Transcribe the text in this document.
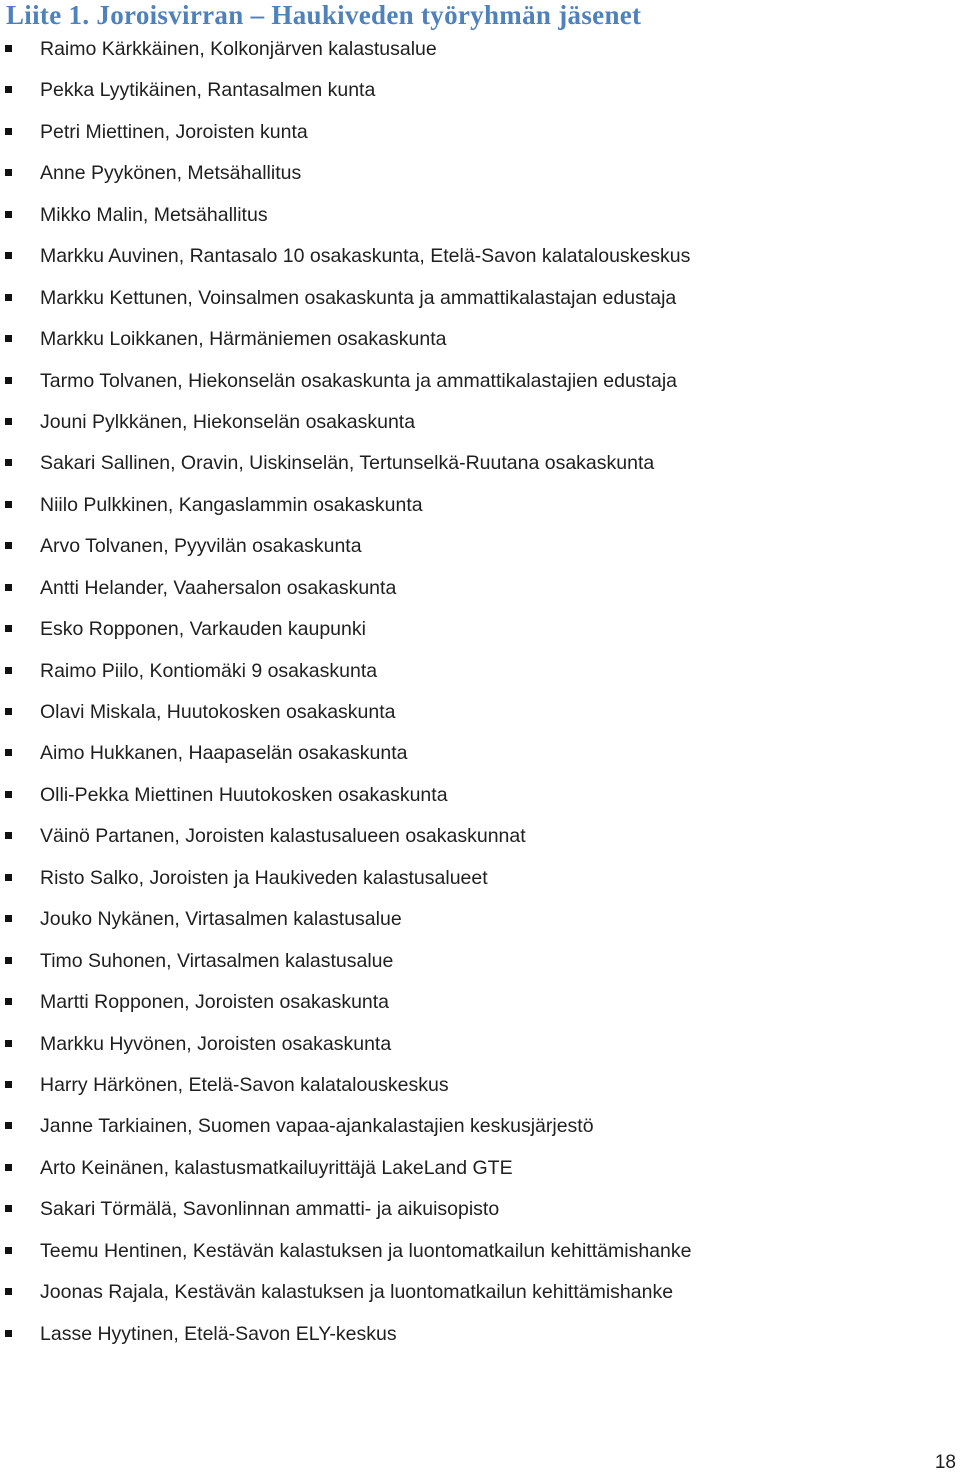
Liite 1. Joroisvirran – Haukiveden työryhmän jäsenet
Raimo Kärkkäinen, Kolkonjärven kalastusalue
Pekka Lyytikäinen, Rantasalmen kunta
Petri Miettinen, Joroisten kunta
Anne Pyykönen, Metsähallitus
Mikko Malin, Metsähallitus
Markku Auvinen, Rantasalo 10 osakaskunta, Etelä-Savon kalatalouskeskus
Markku Kettunen, Voinsalmen osakaskunta ja ammattikalastajan edustaja
Markku Loikkanen, Härmäniemen osakaskunta
Tarmo Tolvanen, Hiekonselän osakaskunta ja ammattikalastajien edustaja
Jouni Pylkkänen, Hiekonselän osakaskunta
Sakari Sallinen, Oravin, Uiskinselän, Tertunselkä-Ruutana osakaskunta
Niilo Pulkkinen, Kangaslammin osakaskunta
Arvo Tolvanen, Pyyvilän osakaskunta
Antti Helander, Vaahersalon osakaskunta
Esko Ropponen, Varkauden kaupunki
Raimo Piilo, Kontiomäki 9 osakaskunta
Olavi Miskala, Huutokosken osakaskunta
Aimo Hukkanen, Haapaselän osakaskunta
Olli-Pekka Miettinen Huutokosken osakaskunta
Väinö Partanen, Joroisten kalastusalueen osakaskunnat
Risto Salko, Joroisten ja Haukiveden kalastusalueet
Jouko Nykänen, Virtasalmen kalastusalue
Timo Suhonen, Virtasalmen kalastusalue
Martti Ropponen, Joroisten osakaskunta
Markku Hyvönen, Joroisten osakaskunta
Harry Härkönen, Etelä-Savon kalatalouskeskus
Janne Tarkiainen, Suomen vapaa-ajankalastajien keskusjärjestö
Arto Keinänen, kalastusmatkailuyrittäjä LakeLand GTE
Sakari Törmälä, Savonlinnan ammatti- ja aikuisopisto
Teemu Hentinen, Kestävän kalastuksen ja luontomatkailun kehittämishanke
Joonas Rajala, Kestävän kalastuksen ja luontomatkailun kehittämishanke
Lasse Hyytinen, Etelä-Savon ELY-keskus
18
